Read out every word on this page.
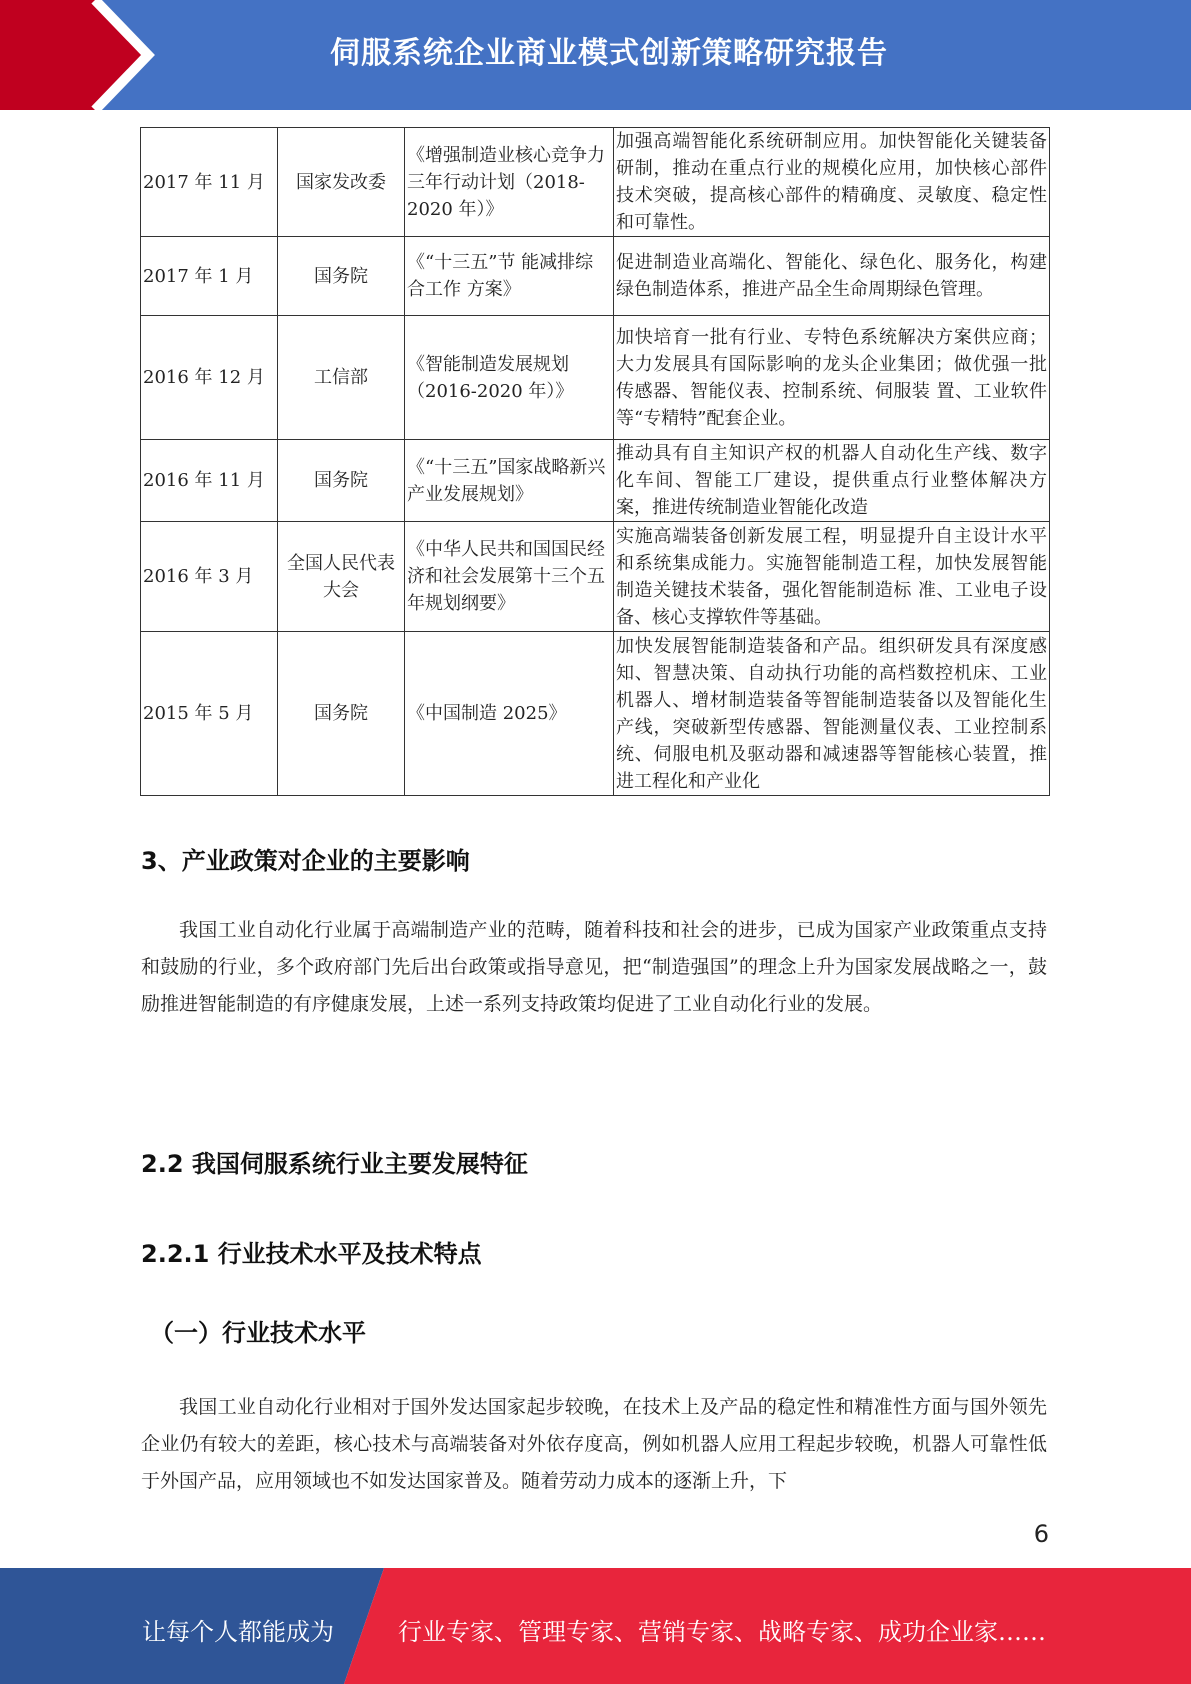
伺服系统企业商业模式创新策略研究报告
2017 年 11 月	国家发改委	《增强制造业核心竞争力三年行动计划（2018-2020 年）》	加强高端智能化系统研制应用。加快智能化关键装备研制，推动在重点行业的规模化应用，加快核心部件技术突破，提高核心部件的精确度、灵敏度、稳定性和可靠性。
2017 年 1 月	国务院	《“十三五”节 能减排综合工作 方案》	促进制造业高端化、智能化、绿色化、服务化，构建绿色制造体系，推进产品全生命周期绿色管理。
2016 年 12 月	工信部	《智能制造发展规划（2016-2020 年）》	加快培育一批有行业、专特色系统解决方案供应商；大力发展具有国际影响的龙头企业集团；做优强一批传感器、智能仪表、控制系统、伺服装 置、工业软件等“专精特”配套企业。
2016 年 11 月	国务院	《“十三五”国家战略新兴产业发展规划》	推动具有自主知识产权的机器人自动化生产线、数字化车间、智能工厂建设，提供重点行业整体解决方案，推进传统制造业智能化改造
2016 年 3 月	全国人民代表大会	《中华人民共和国国民经济和社会发展第十三个五年规划纲要》	实施高端装备创新发展工程，明显提升自主设计水平和系统集成能力。实施智能制造工程，加快发展智能制造关键技术装备，强化智能制造标 准、工业电子设备、核心支撑软件等基础。
2015 年 5 月	国务院	《中国制造 2025》	加快发展智能制造装备和产品。组织研发具有深度感知、智慧决策、自动执行功能的高档数控机床、工业机器人、增材制造装备等智能制造装备以及智能化生产线，突破新型传感器、智能测量仪表、工业控制系统、伺服电机及驱动器和减速器等智能核心装置，推进工程化和产业化
3、产业政策对企业的主要影响
我国工业自动化行业属于高端制造产业的范畴，随着科技和社会的进步，已成为国家产业政策重点支持和鼓励的行业，多个政府部门先后出台政策或指导意见，把“制造强国”的理念上升为国家发展战略之一，鼓励推进智能制造的有序健康发展，上述一系列支持政策均促进了工业自动化行业的发展。
2.2 我国伺服系统行业主要发展特征
2.2.1 行业技术水平及技术特点
（一）行业技术水平
我国工业自动化行业相对于国外发达国家起步较晚，在技术上及产品的稳定性和精准性方面与国外领先企业仍有较大的差距，核心技术与高端装备对外依存度高，例如机器人应用工程起步较晚，机器人可靠性低于外国产品，应用领域也不如发达国家普及。随着劳动力成本的逐渐上升，下
6
让每个人都能成为	行业专家、管理专家、营销专家、战略专家、成功企业家……
